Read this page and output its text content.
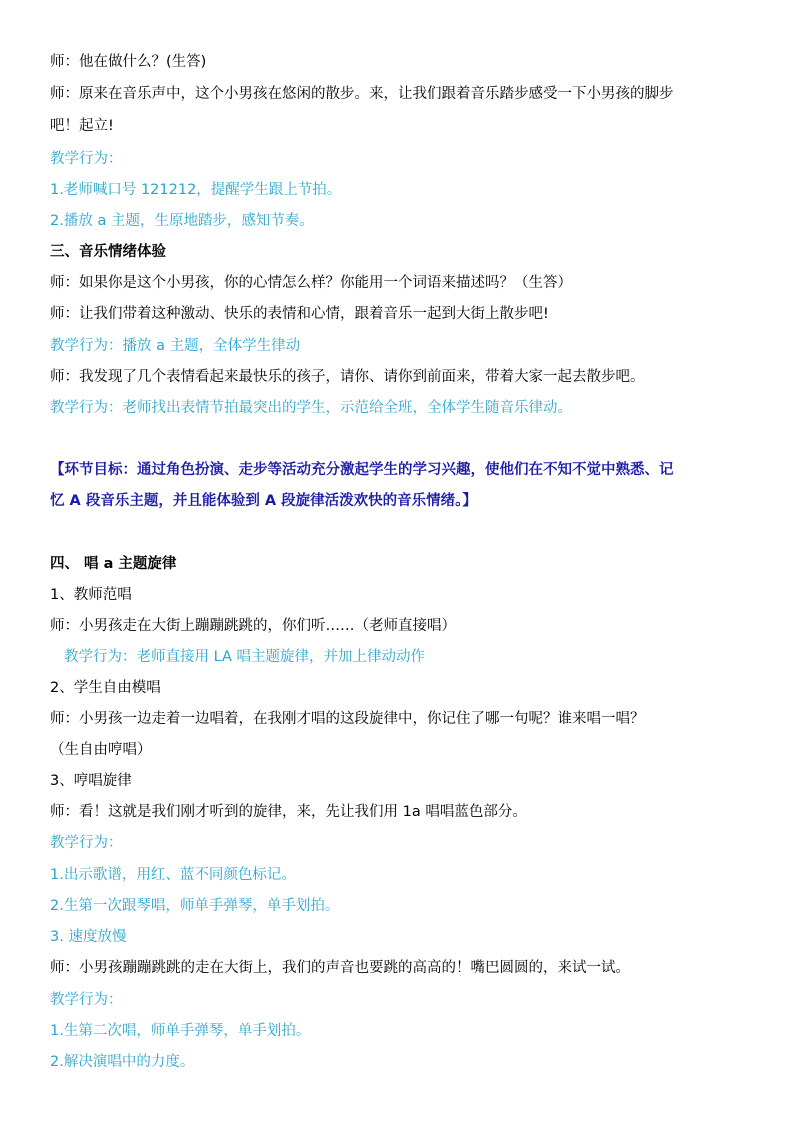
师：他在做什么？(生答)
师：原来在音乐声中，这个小男孩在悠闲的散步。来，让我们跟着音乐踏步感受一下小男孩的脚步
吧！起立!
教学行为：
1.老师喊口号 121212，提醒学生跟上节拍。
2.播放 a 主题，生原地踏步，感知节奏。
三、音乐情绪体验
师：如果你是这个小男孩，你的心情怎么样？你能用一个词语来描述吗？（生答）
师：让我们带着这种激动、快乐的表情和心情，跟着音乐一起到大街上散步吧!
教学行为：播放 a 主题，全体学生律动
师：我发现了几个表情看起来最快乐的孩子，请你、请你到前面来，带着大家一起去散步吧。
教学行为：老师找出表情节拍最突出的学生，示范给全班，全体学生随音乐律动。
【环节目标：通过角色扮演、走步等活动充分激起学生的学习兴趣，使他们在不知不觉中熟悉、记
忆 A 段音乐主题，并且能体验到 A 段旋律活泼欢快的音乐情绪。】
四、 唱 a 主题旋律
1、教师范唱
师：小男孩走在大街上蹦蹦跳跳的，你们听……（老师直接唱）
教学行为：老师直接用 LA 唱主题旋律，并加上律动动作
2、学生自由模唱
师：小男孩一边走着一边唱着，在我刚才唱的这段旋律中，你记住了哪一句呢？谁来唱一唱？
（生自由哼唱）
3、哼唱旋律
师：看！这就是我们刚才听到的旋律，来，先让我们用 1a 唱唱蓝色部分。
教学行为：
1.出示歌谱，用红、蓝不同颜色标记。
2.生第一次跟琴唱，师单手弹琴，单手划拍。
3. 速度放慢
师：小男孩蹦蹦跳跳的走在大街上，我们的声音也要跳的高高的！嘴巴圆圆的，来试一试。
教学行为：
1.生第二次唱，师单手弹琴，单手划拍。
2.解决演唱中的力度。
